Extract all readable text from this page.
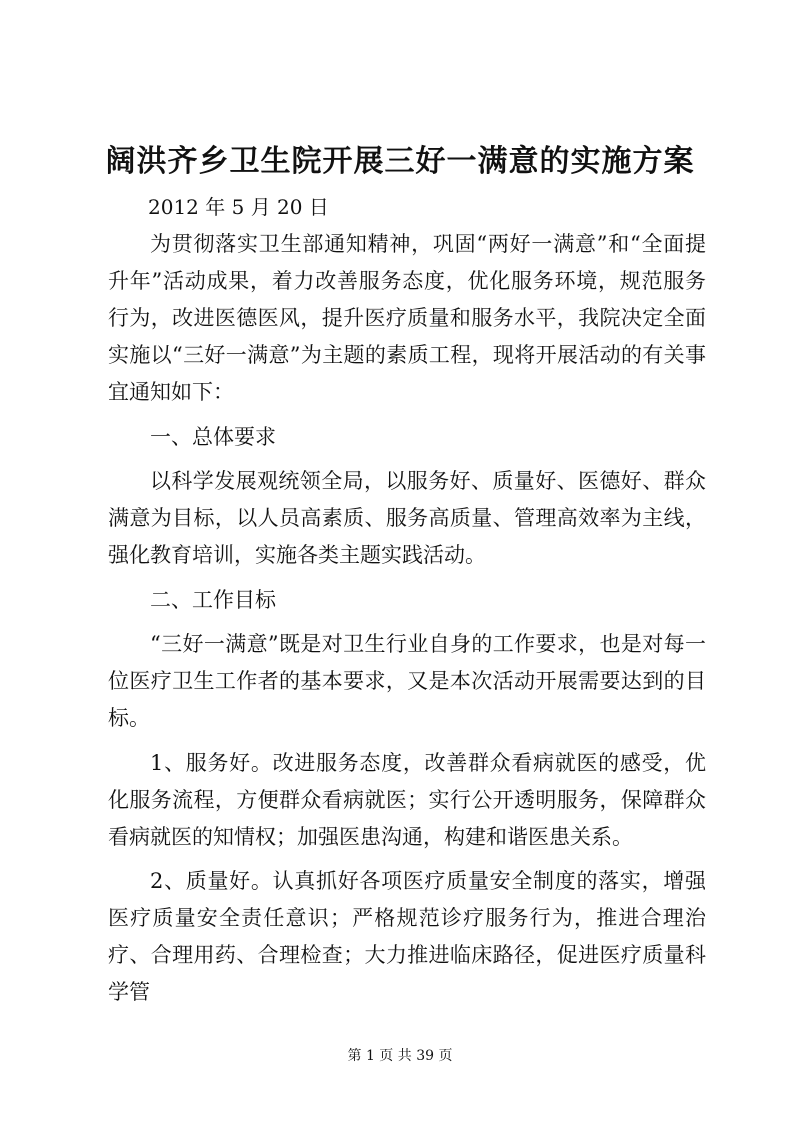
阔洪齐乡卫生院开展三好一满意的实施方案
2012 年 5 月 20 日

为贯彻落实卫生部通知精神，巩固“两好一满意”和“全面提升年”活动成果，着力改善服务态度，优化服务环境，规范服务行为，改进医德医风，提升医疗质量和服务水平，我院决定全面实施以“三好一满意”为主题的素质工程，现将开展活动的有关事宜通知如下：

一、总体要求

以科学发展观统领全局，以服务好、质量好、医德好、群众满意为目标，以人员高素质、服务高质量、管理高效率为主线，强化教育培训，实施各类主题实践活动。

二、工作目标

“三好一满意”既是对卫生行业自身的工作要求，也是对每一位医疗卫生工作者的基本要求，又是本次活动开展需要达到的目标。

1、服务好。改进服务态度，改善群众看病就医的感受，优化服务流程，方便群众看病就医；实行公开透明服务，保障群众看病就医的知情权；加强医患沟通，构建和谐医患关系。

2、质量好。认真抓好各项医疗质量安全制度的落实，增强医疗质量安全责任意识；严格规范诊疗服务行为，推进合理治疗、合理用药、合理检查；大力推进临床路径，促进医疗质量科学管

第 1 页 共 39 页
